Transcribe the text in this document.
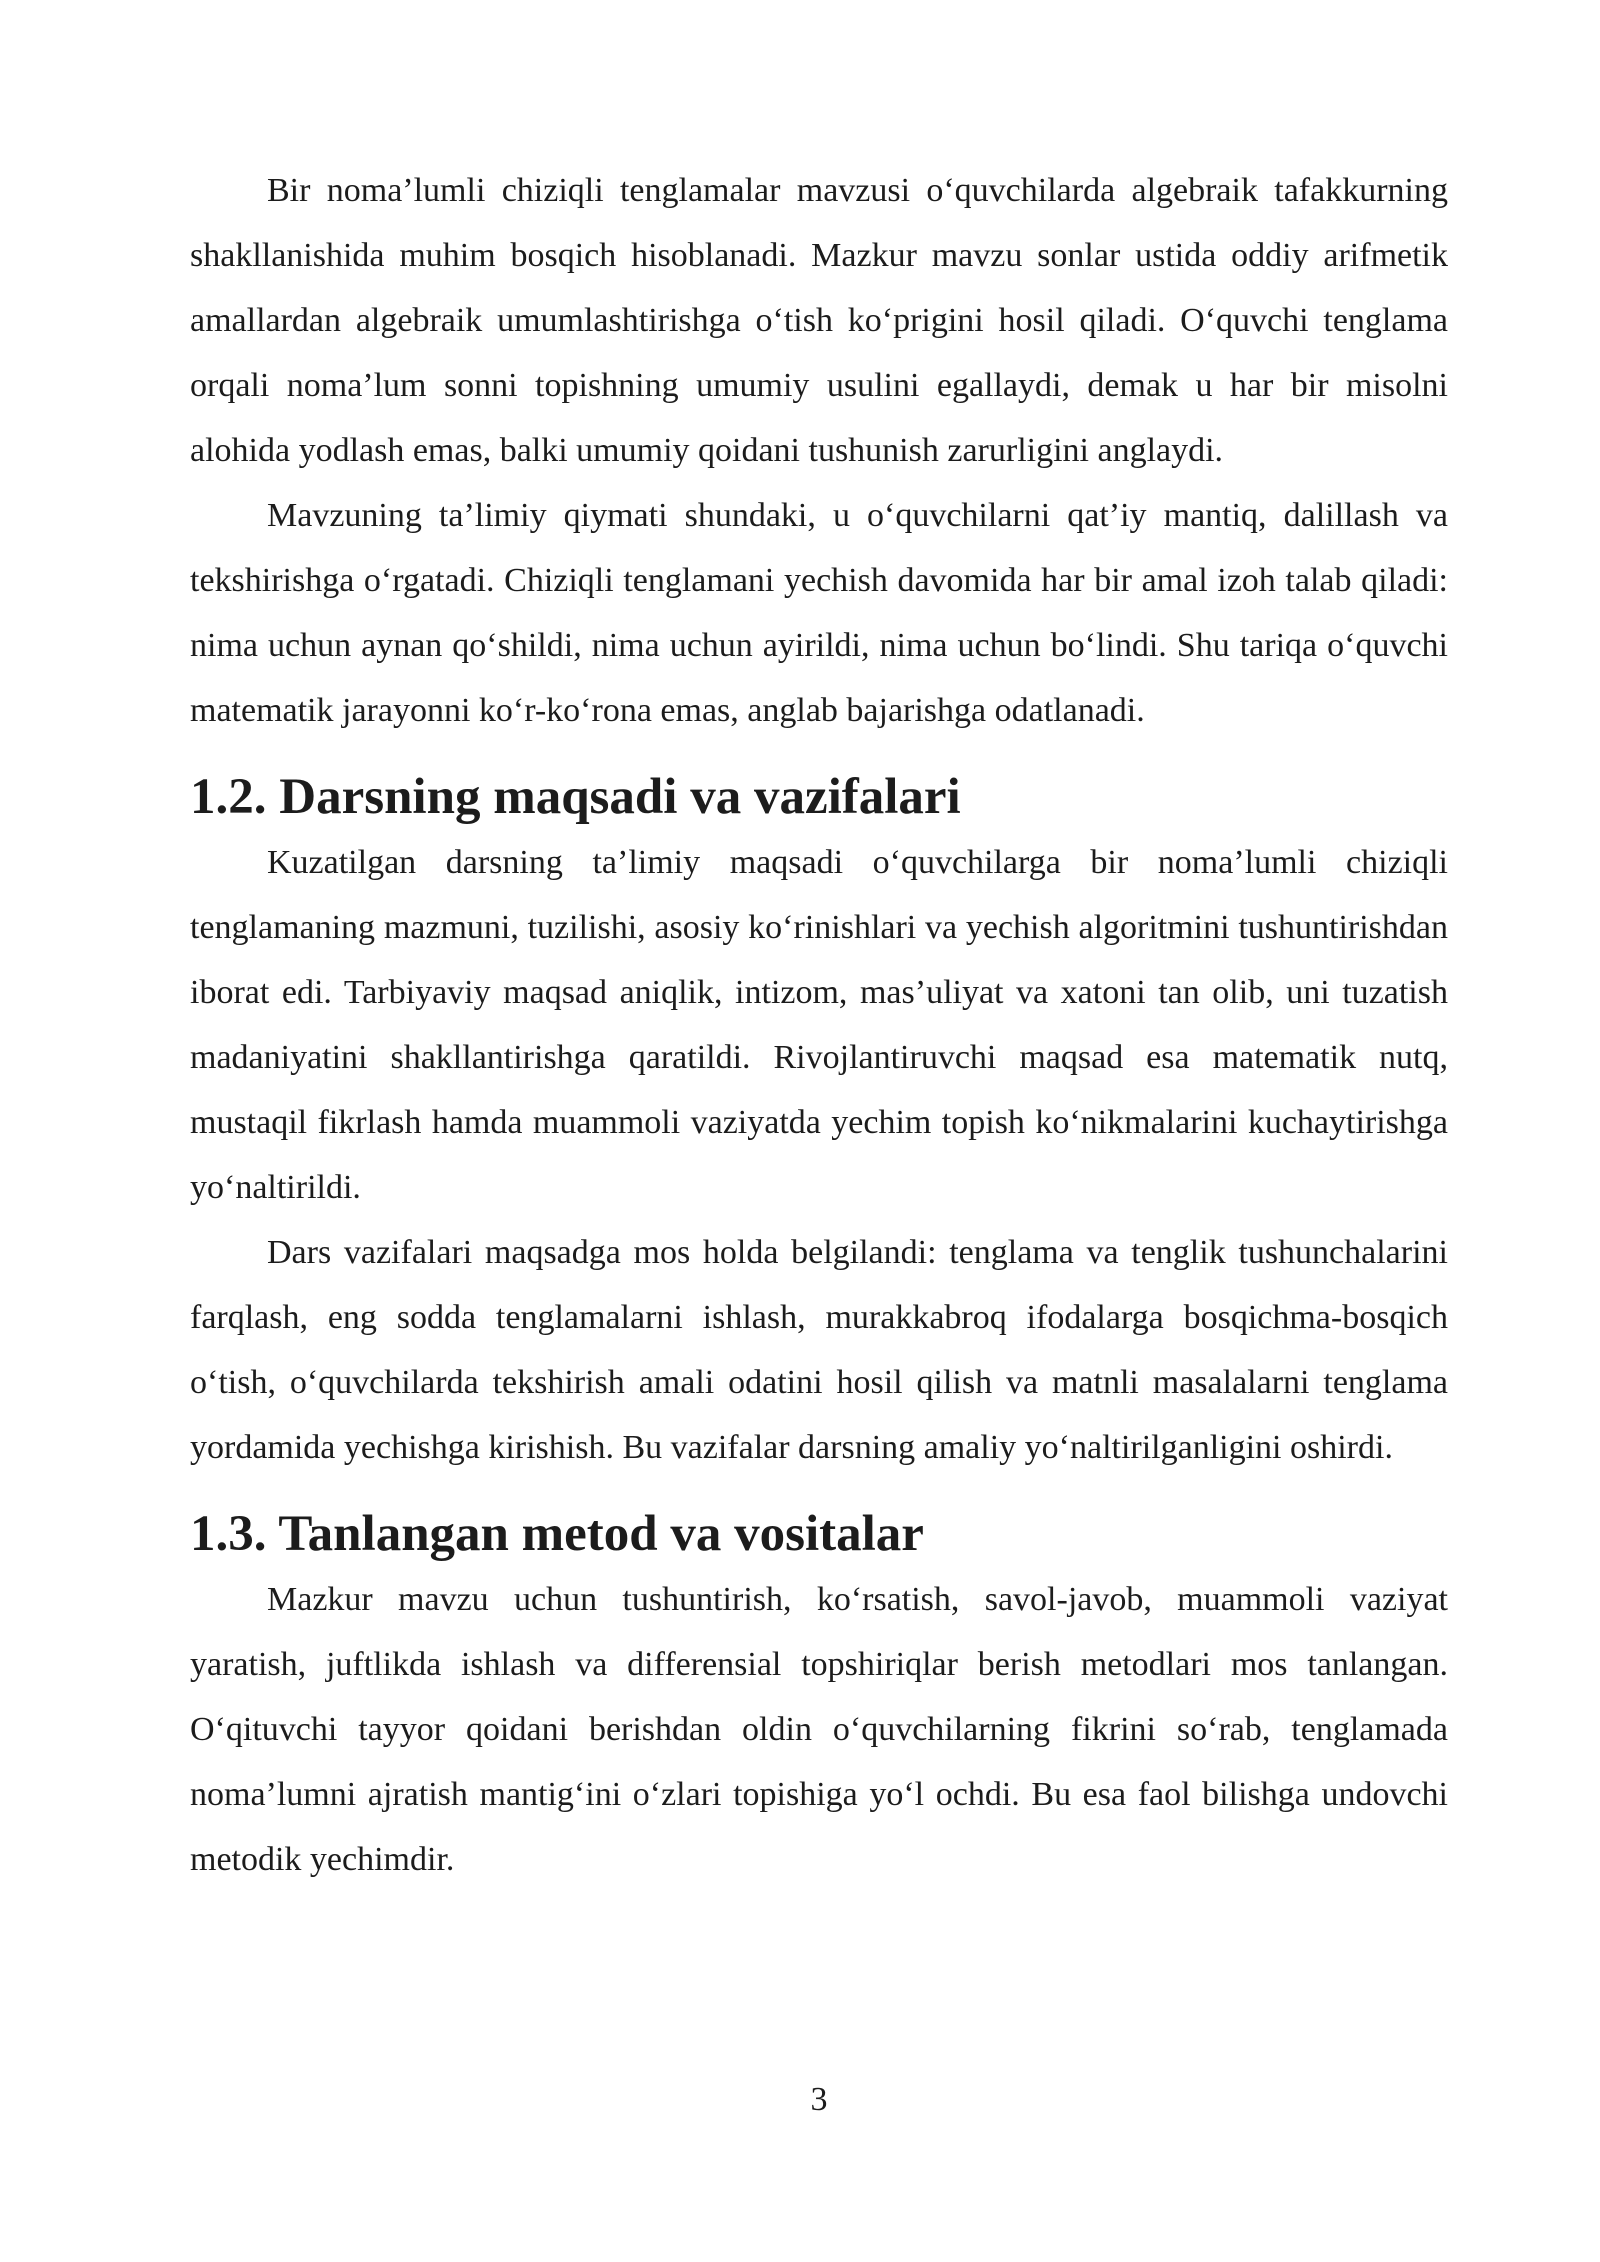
Bir noma’lumli chiziqli tenglamalar mavzusi o‘quvchilarda algebraik tafakkurning shakllanishida muhim bosqich hisoblanadi. Mazkur mavzu sonlar ustida oddiy arifmetik amallardan algebraik umumlashtirishga o‘tish ko‘prigini hosil qiladi. O‘quvchi tenglama orqali noma’lum sonni topishning umumiy usulini egallaydi, demak u har bir misolni alohida yodlash emas, balki umumiy qoidani tushunish zarurligini anglaydi.

Mavzuning ta’limiy qiymati shundaki, u o‘quvchilarni qat’iy mantiq, dalillash va tekshirishga o‘rgatadi. Chiziqli tenglamani yechish davomida har bir amal izoh talab qiladi: nima uchun aynan qo‘shildi, nima uchun ayirildi, nima uchun bo‘lindi. Shu tariqa o‘quvchi matematik jarayonni ko‘r-ko‘rona emas, anglab bajarishga odatlanadi.

1.2. Darsning maqsadi va vazifalari

Kuzatilgan darsning ta’limiy maqsadi o‘quvchilarga bir noma’lumli chiziqli tenglamaning mazmuni, tuzilishi, asosiy ko‘rinishlari va yechish algoritmini tushuntirishdan iborat edi. Tarbiyaviy maqsad aniqlik, intizom, mas’uliyat va xatoni tan olib, uni tuzatish madaniyatini shakllantirishga qaratildi. Rivojlantiruvchi maqsad esa matematik nutq, mustaqil fikrlash hamda muammoli vaziyatda yechim topish ko‘nikmalarini kuchaytirishga yo‘naltirildi.

Dars vazifalari maqsadga mos holda belgilandi: tenglama va tenglik tushunchalarini farqlash, eng sodda tenglamalarni ishlash, murakkabroq ifodalarga bosqichma-bosqich o‘tish, o‘quvchilarda tekshirish amali odatini hosil qilish va matnli masalalarni tenglama yordamida yechishga kirishish. Bu vazifalar darsning amaliy yo‘naltirilganligini oshirdi.

1.3. Tanlangan metod va vositalar

Mazkur mavzu uchun tushuntirish, ko‘rsatish, savol-javob, muammoli vaziyat yaratish, juftlikda ishlash va differensial topshiriqlar berish metodlari mos tanlangan. O‘qituvchi tayyor qoidani berishdan oldin o‘quvchilarning fikrini so‘rab, tenglamada noma’lumni ajratish mantig‘ini o‘zlari topishiga yo‘l ochdi. Bu esa faol bilishga undovchi metodik yechimdir.

3
